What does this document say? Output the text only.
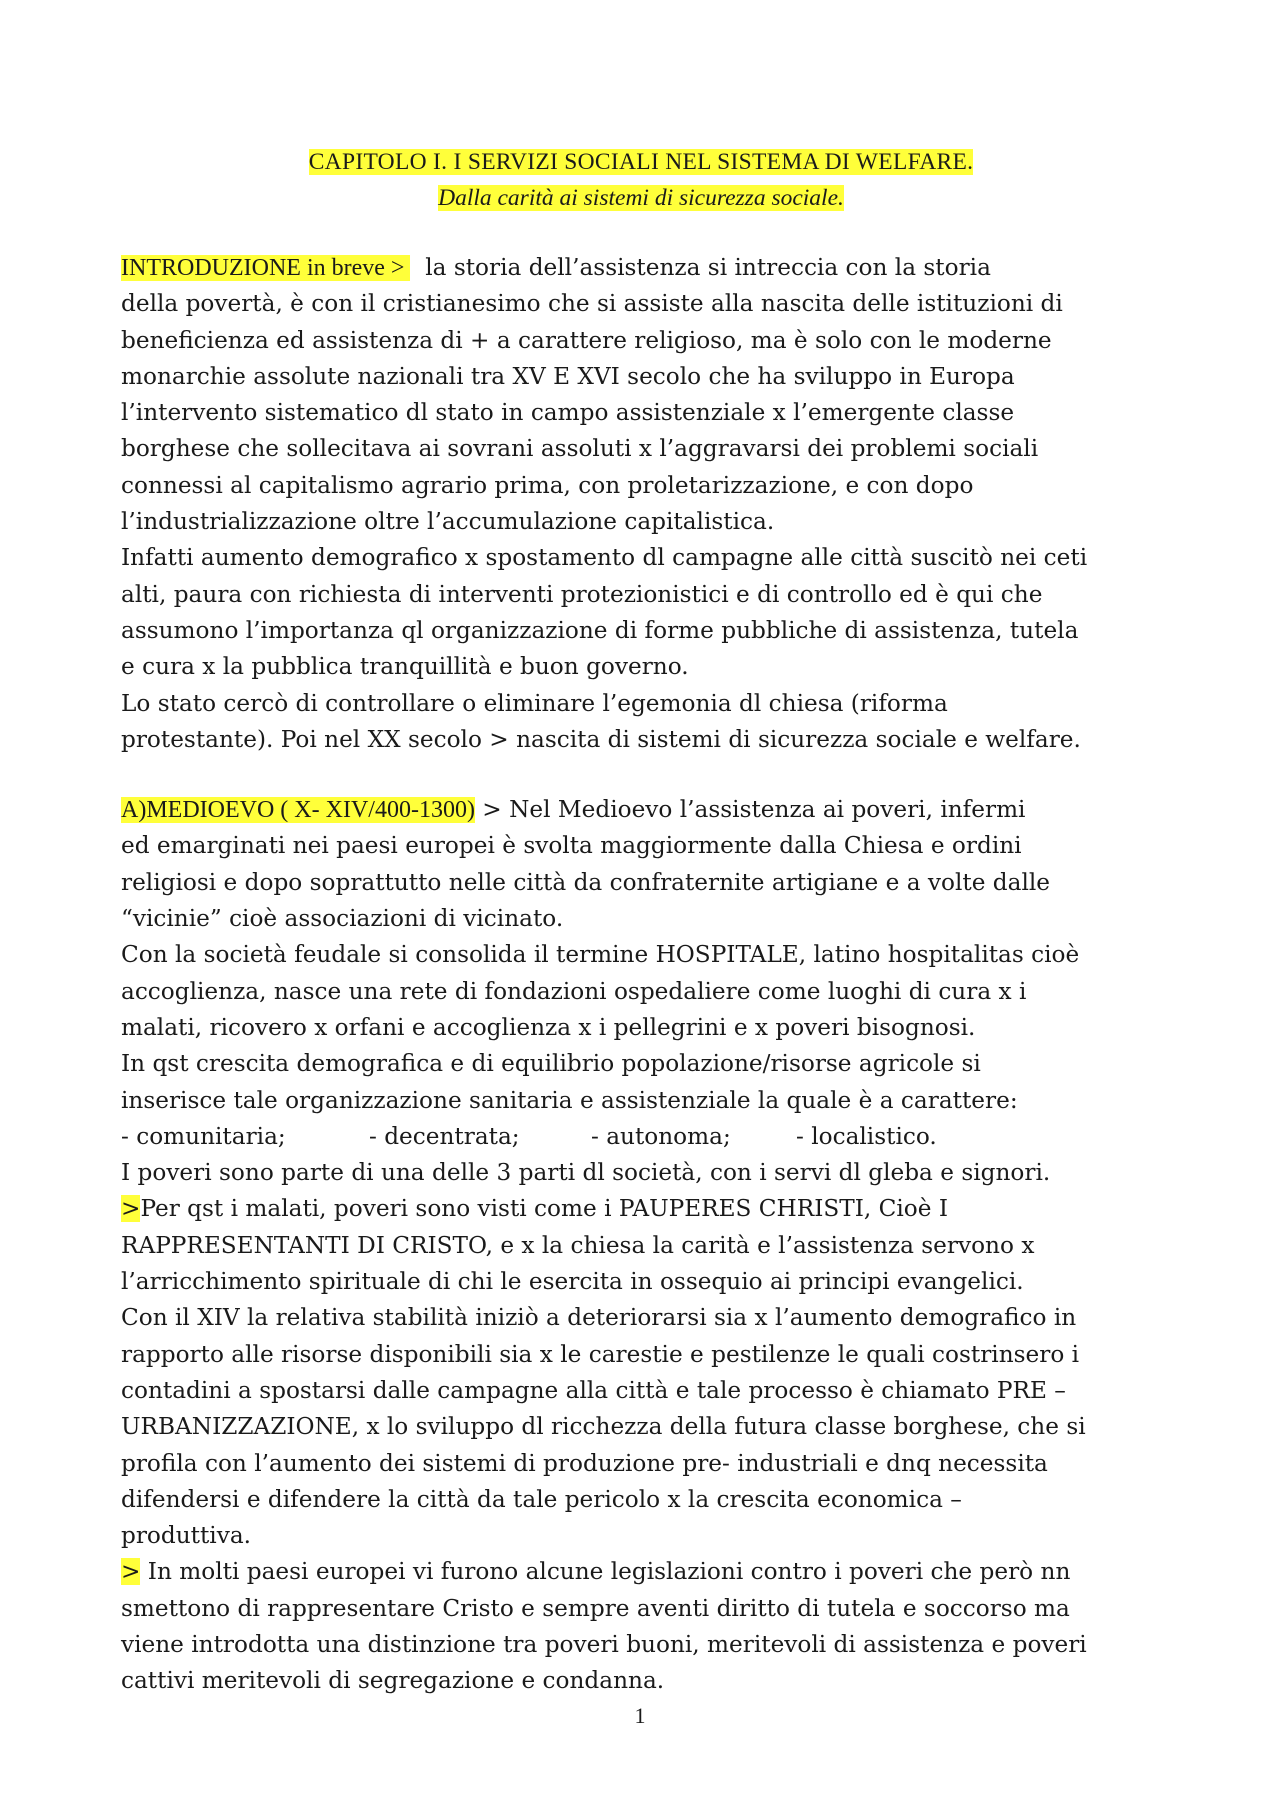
CAPITOLO I. I SERVIZI SOCIALI NEL SISTEMA DI WELFARE.
Dalla carità ai sistemi di sicurezza sociale.

INTRODUZIONE in breve >   la storia dell’assistenza si intreccia con la storia
della povertà, è con il cristianesimo che si assiste alla nascita delle istituzioni di
beneficienza ed assistenza di + a carattere religioso, ma è solo con le moderne
monarchie assolute nazionali tra XV E XVI secolo che ha sviluppo in Europa
l’intervento sistematico dl stato in campo assistenziale x l’emergente classe
borghese che sollecitava ai sovrani assoluti x l’aggravarsi dei problemi sociali
connessi al capitalismo agrario prima, con proletarizzazione, e con dopo
l’industrializzazione oltre l’accumulazione capitalistica.
Infatti aumento demografico x spostamento dl campagne alle città suscitò nei ceti
alti, paura con richiesta di interventi protezionistici e di controllo ed è qui che
assumono l’importanza ql organizzazione di forme pubbliche di assistenza, tutela
e cura x la pubblica tranquillità e buon governo.
Lo stato cercò di controllare o eliminare l’egemonia dl chiesa (riforma
protestante). Poi nel XX secolo > nascita di sistemi di sicurezza sociale e welfare.

A)MEDIOEVO ( X- XIV/400-1300) > Nel Medioevo l’assistenza ai poveri, infermi
ed emarginati nei paesi europei è svolta maggiormente dalla Chiesa e ordini
religiosi e dopo soprattutto nelle città da confraternite artigiane e a volte dalle
“vicinie” cioè associazioni di vicinato.
Con la società feudale si consolida il termine HOSPITALE, latino hospitalitas cioè
accoglienza, nasce una rete di fondazioni ospedaliere come luoghi di cura x i
malati, ricovero x orfani e accoglienza x i pellegrini e x poveri bisognosi.
In qst crescita demografica e di equilibrio popolazione/risorse agricole si
inserisce tale organizzazione sanitaria e assistenziale la quale è a carattere:
- comunitaria;	- decentrata;	- autonoma;	- localistico.
I poveri sono parte di una delle 3 parti dl società, con i servi dl gleba e signori.
>Per qst i malati, poveri sono visti come i PAUPERES CHRISTI, Cioè I
RAPPRESENTANTI DI CRISTO, e x la chiesa la carità e l’assistenza servono x
l’arricchimento spirituale di chi le esercita in ossequio ai principi evangelici.
Con il XIV la relativa stabilità iniziò a deteriorarsi sia x l’aumento demografico in
rapporto alle risorse disponibili sia x le carestie e pestilenze le quali costrinsero i
contadini a spostarsi dalle campagne alla città e tale processo è chiamato PRE –
URBANIZZAZIONE, x lo sviluppo dl ricchezza della futura classe borghese, che si
profila con l’aumento dei sistemi di produzione pre- industriali e dnq necessita
difendersi e difendere la città da tale pericolo x la crescita economica –
produttiva.
> In molti paesi europei vi furono alcune legislazioni contro i poveri che però nn
smettono di rappresentare Cristo e sempre aventi diritto di tutela e soccorso ma
viene introdotta una distinzione tra poveri buoni, meritevoli di assistenza e poveri
cattivi meritevoli di segregazione e condanna.

1
